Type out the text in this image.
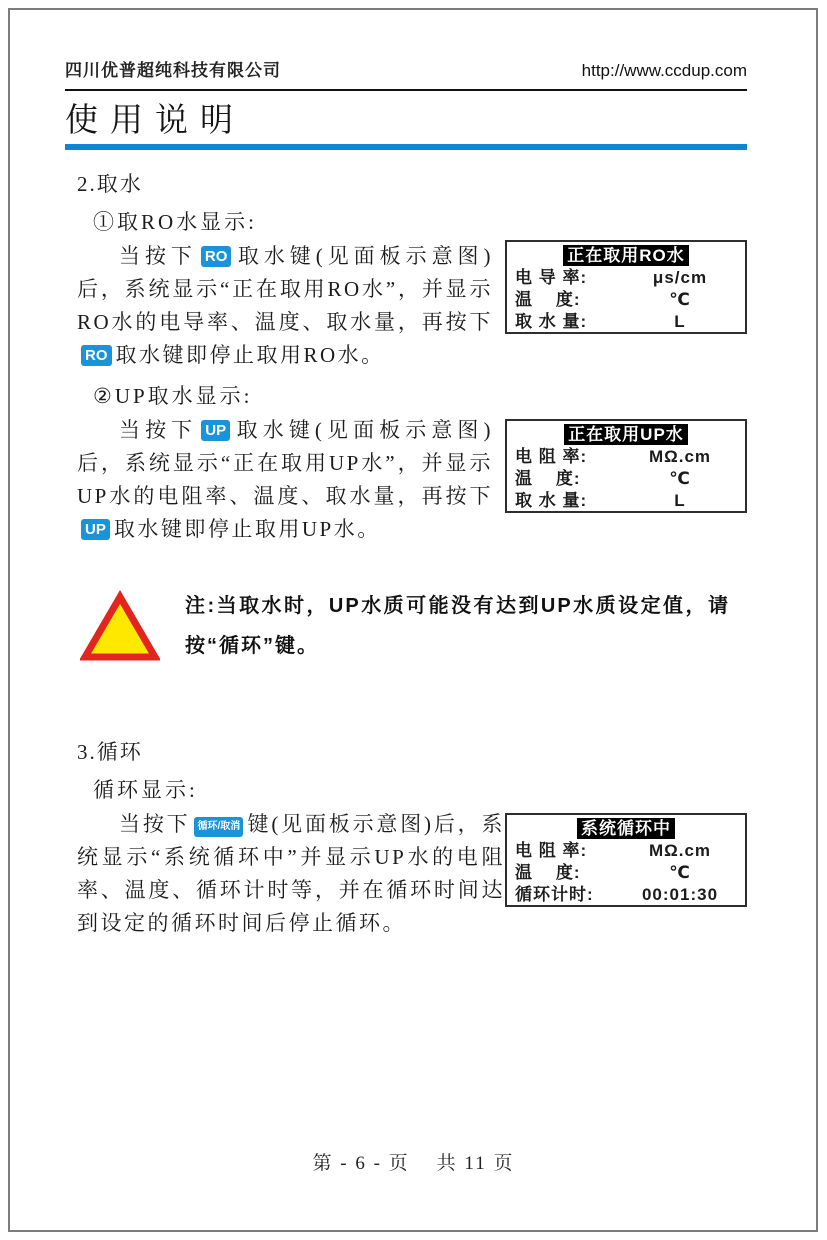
四川优普超纯科技有限公司	http://www.ccdup.com
使用说明
2.取水
①取RO水显示:
当按下 RO 取水键(见面板示意图)后，系统显示“正在取用RO水”，并显示RO水的电导率、温度、取水量，再按下RO 取水键即停止取用RO水。
正在取用RO水
电 导 率:	μs/cm
温    度:	℃
取 水 量:	L
②UP取水显示:
当按下 UP 取水键(见面板示意图)后，系统显示“正在取用UP水”，并显示UP水的电阻率、温度、取水量，再按下UP 取水键即停止取用UP水。
正在取用UP水
电 阻 率:	MΩ.cm
温    度:	℃
取 水 量:	L
注:当取水时，UP水质可能没有达到UP水质设定值，请按“循环”键。
3.循环
循环显示:
当按下 循环/取消 键(见面板示意图)后，系统显示“系统循环中”并显示UP水的电阻率、温度、循环计时等，并在循环时间达到设定的循环时间后停止循环。
系统循环中
电 阻 率:	MΩ.cm
温    度:	℃
循环计时:	00:01:30
第 - 6 - 页    共 11 页
